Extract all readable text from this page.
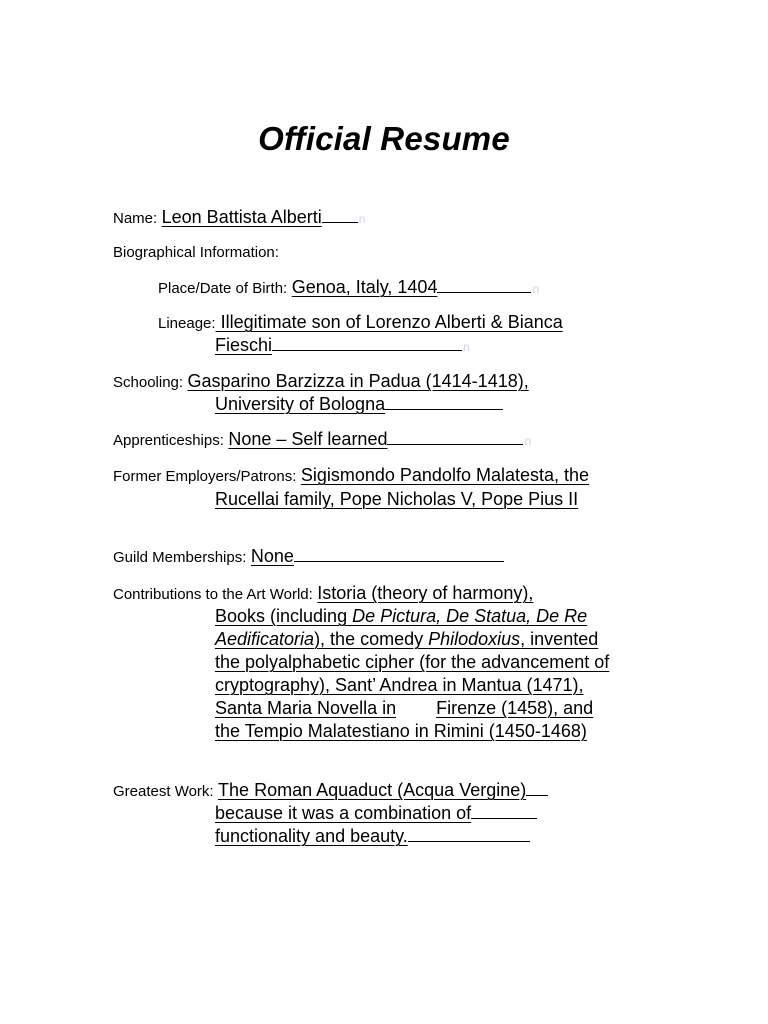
Official Resume
Name: Leon Battista Alberti	n
Biographical Information:
Place/Date of Birth: Genoa, Italy, 1404	n
Lineage: Illegitimate son of Lorenzo Alberti & Bianca
Fieschi	n
Schooling: Gasparino Barzizza in Padua (1414-1418),
University of Bologna
Apprenticeships: None – Self learned	n
Former Employers/Patrons: Sigismondo Pandolfo Malatesta, the
Rucellai family, Pope Nicholas V, Pope Pius II
Guild Memberships: None
Contributions to the Art World: Istoria (theory of harmony),
Books (including De Pictura, De Statua, De Re
Aedificatoria), the comedy Philodoxius, invented
the polyalphabetic cipher (for the advancement of
cryptography), Sant’ Andrea in Mantua (1471),
Santa Maria Novella in Firenze (1458), and
the Tempio Malatestiano in Rimini (1450-1468)
Greatest Work: The Roman Aquaduct (Acqua Vergine)
because it was a combination of
functionality and beauty.
